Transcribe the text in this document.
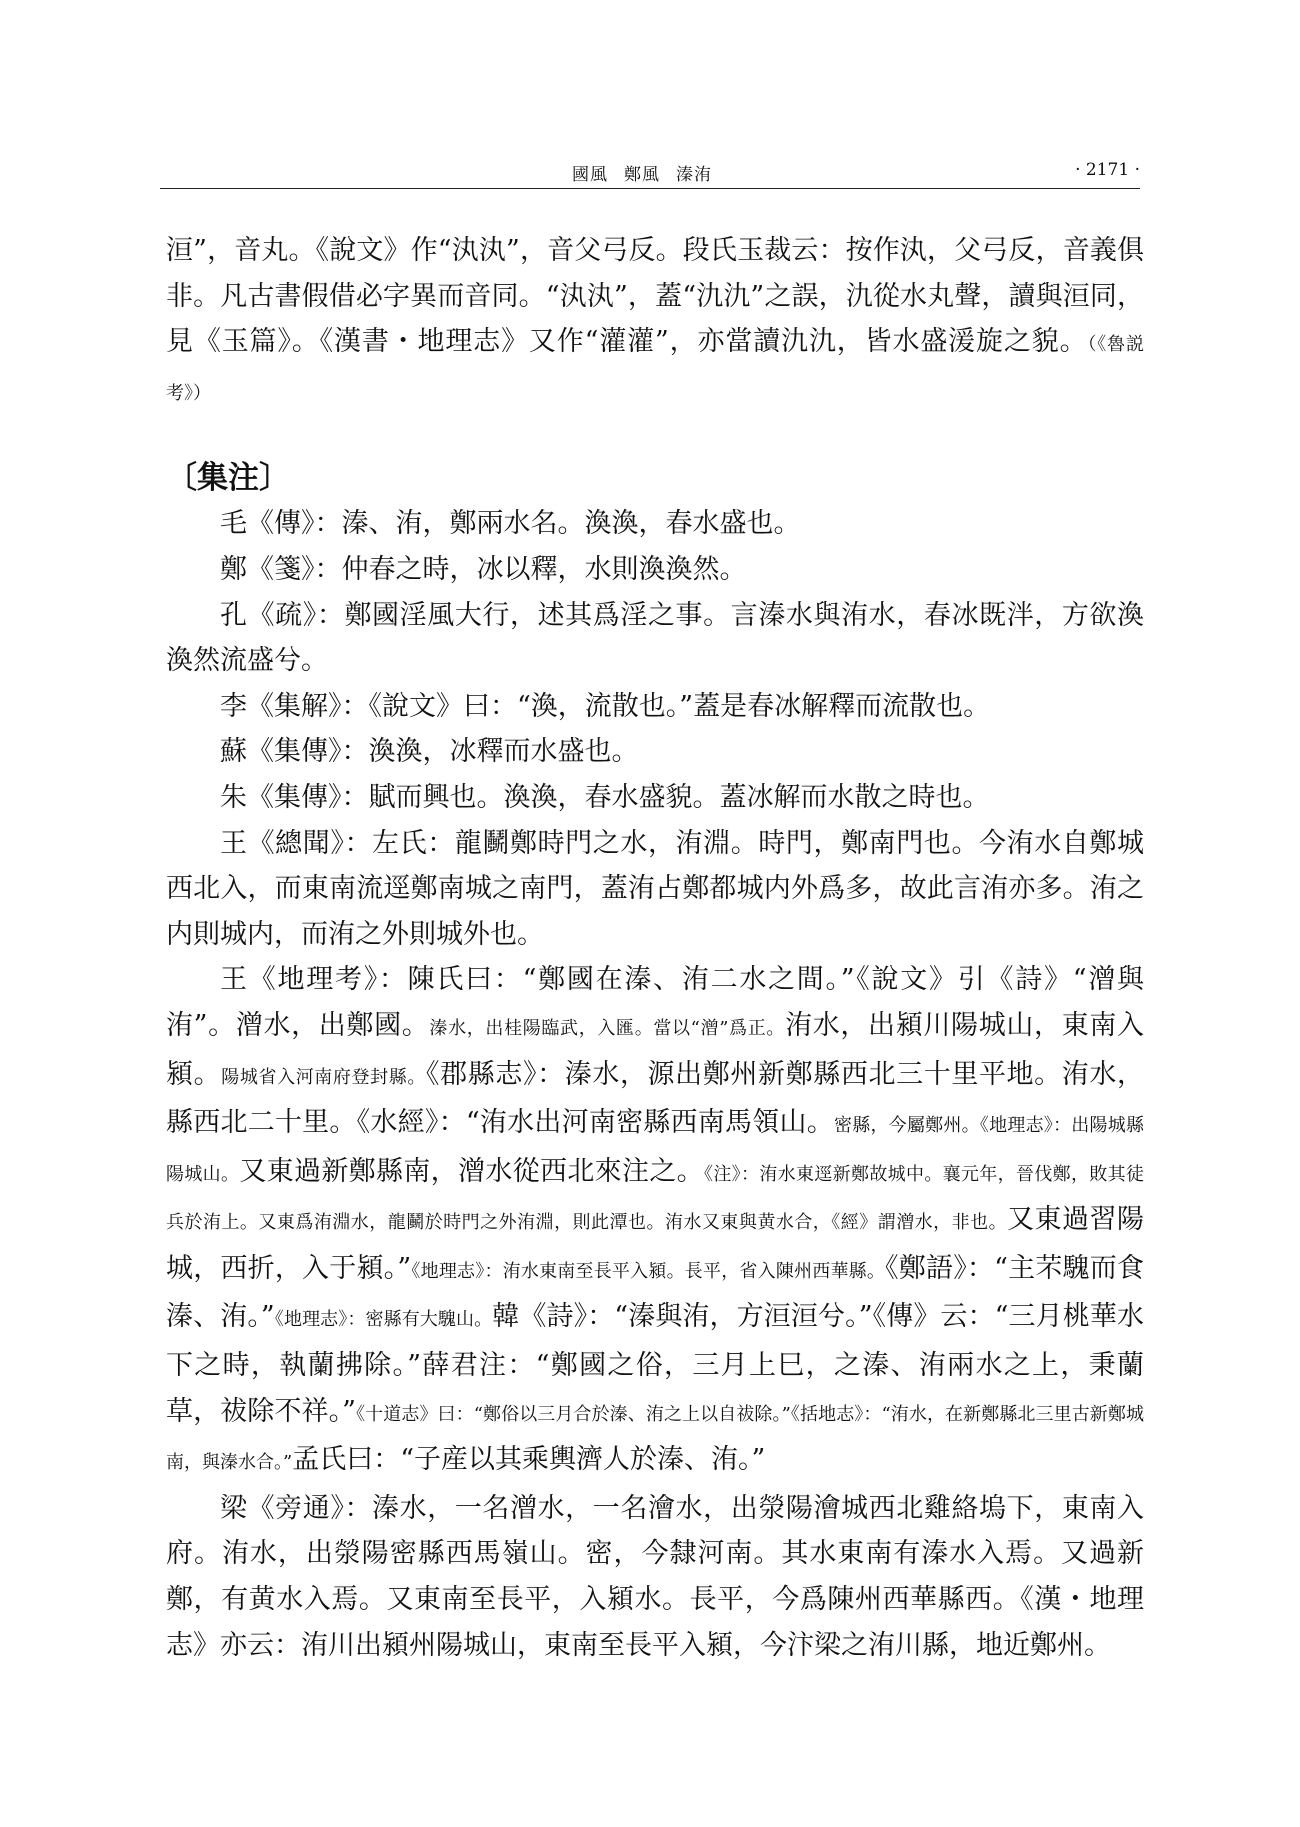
國風 鄭風 溱洧	· 2171 ·

洹”，音丸。《說文》作“汍汍”，音父弓反。段氏玉裁云：按作汍，父弓反，音義俱非。凡古書假借必字異而音同。“汍汍”，蓋“氿氿”之誤，氿從水丸聲，讀與洹同，見《玉篇》。《漢書・地理志》又作“灌灌”，亦當讀氿氿，皆水盛湲旋之貌。（《魯説考》）

〔集注〕

毛《傳》：溱、洧，鄭兩水名。渙渙，春水盛也。

鄭《箋》：仲春之時，冰以釋，水則渙渙然。

孔《疏》：鄭國淫風大行，述其爲淫之事。言溱水與洧水，春冰既泮，方欲渙渙然流盛兮。

李《集解》：《說文》曰：“渙，流散也。”蓋是春冰解釋而流散也。

蘇《集傳》：渙渙，冰釋而水盛也。

朱《集傳》：賦而興也。渙渙，春水盛貌。蓋冰解而水散之時也。

王《總聞》：左氏：龍鬭鄭時門之水，洧淵。時門，鄭南門也。今洧水自鄭城西北入，而東南流逕鄭南城之南門，蓋洧占鄭都城内外爲多，故此言洧亦多。洧之内則城内，而洧之外則城外也。

王《地理考》：陳氏曰：“鄭國在溱、洧二水之間。”《說文》引《詩》“潧與洧”。潧水，出鄭國。溱水，出桂陽臨武，入匯。當以“潧”爲正。洧水，出潁川陽城山，東南入潁。陽城省入河南府登封縣。《郡縣志》：溱水，源出鄭州新鄭縣西北三十里平地。洧水，縣西北二十里。《水經》：“洧水出河南密縣西南馬領山。密縣，今屬鄭州。《地理志》：出陽城縣陽城山。又東過新鄭縣南，潧水從西北來注之。《注》：洧水東逕新鄭故城中。襄元年，晉伐鄭，敗其徒兵於洧上。又東爲洧淵水，龍鬭於時門之外洧淵，則此潭也。洧水又東與黄水合，《經》謂潧水，非也。又東過習陽城，西折，入于潁。”《地理志》：洧水東南至長平入潁。長平，省入陳州西華縣。《鄭語》：“主芣騩而食溱、洧。”《地理志》：密縣有大騩山。韓《詩》：“溱與洧，方洹洹兮。”《傳》云：“三月桃華水下之時，執蘭拂除。”薛君注：“鄭國之俗，三月上巳，之溱、洧兩水之上，秉蘭草，祓除不祥。”《十道志》曰：“鄭俗以三月合於溱、洧之上以自祓除。”《括地志》：“洧水，在新鄭縣北三里古新鄭城南，與溱水合。”孟氏曰：“子産以其乘輿濟人於溱、洧。”

梁《旁通》：溱水，一名潧水，一名澮水，出滎陽澮城西北雞絡塢下，東南入府。洧水，出滎陽密縣西馬嶺山。密，今隸河南。其水東南有溱水入焉。又過新鄭，有黄水入焉。又東南至長平，入潁水。長平，今爲陳州西華縣西。《漢・地理志》亦云：洧川出潁州陽城山，東南至長平入潁，今汴梁之洧川縣，地近鄭州。
